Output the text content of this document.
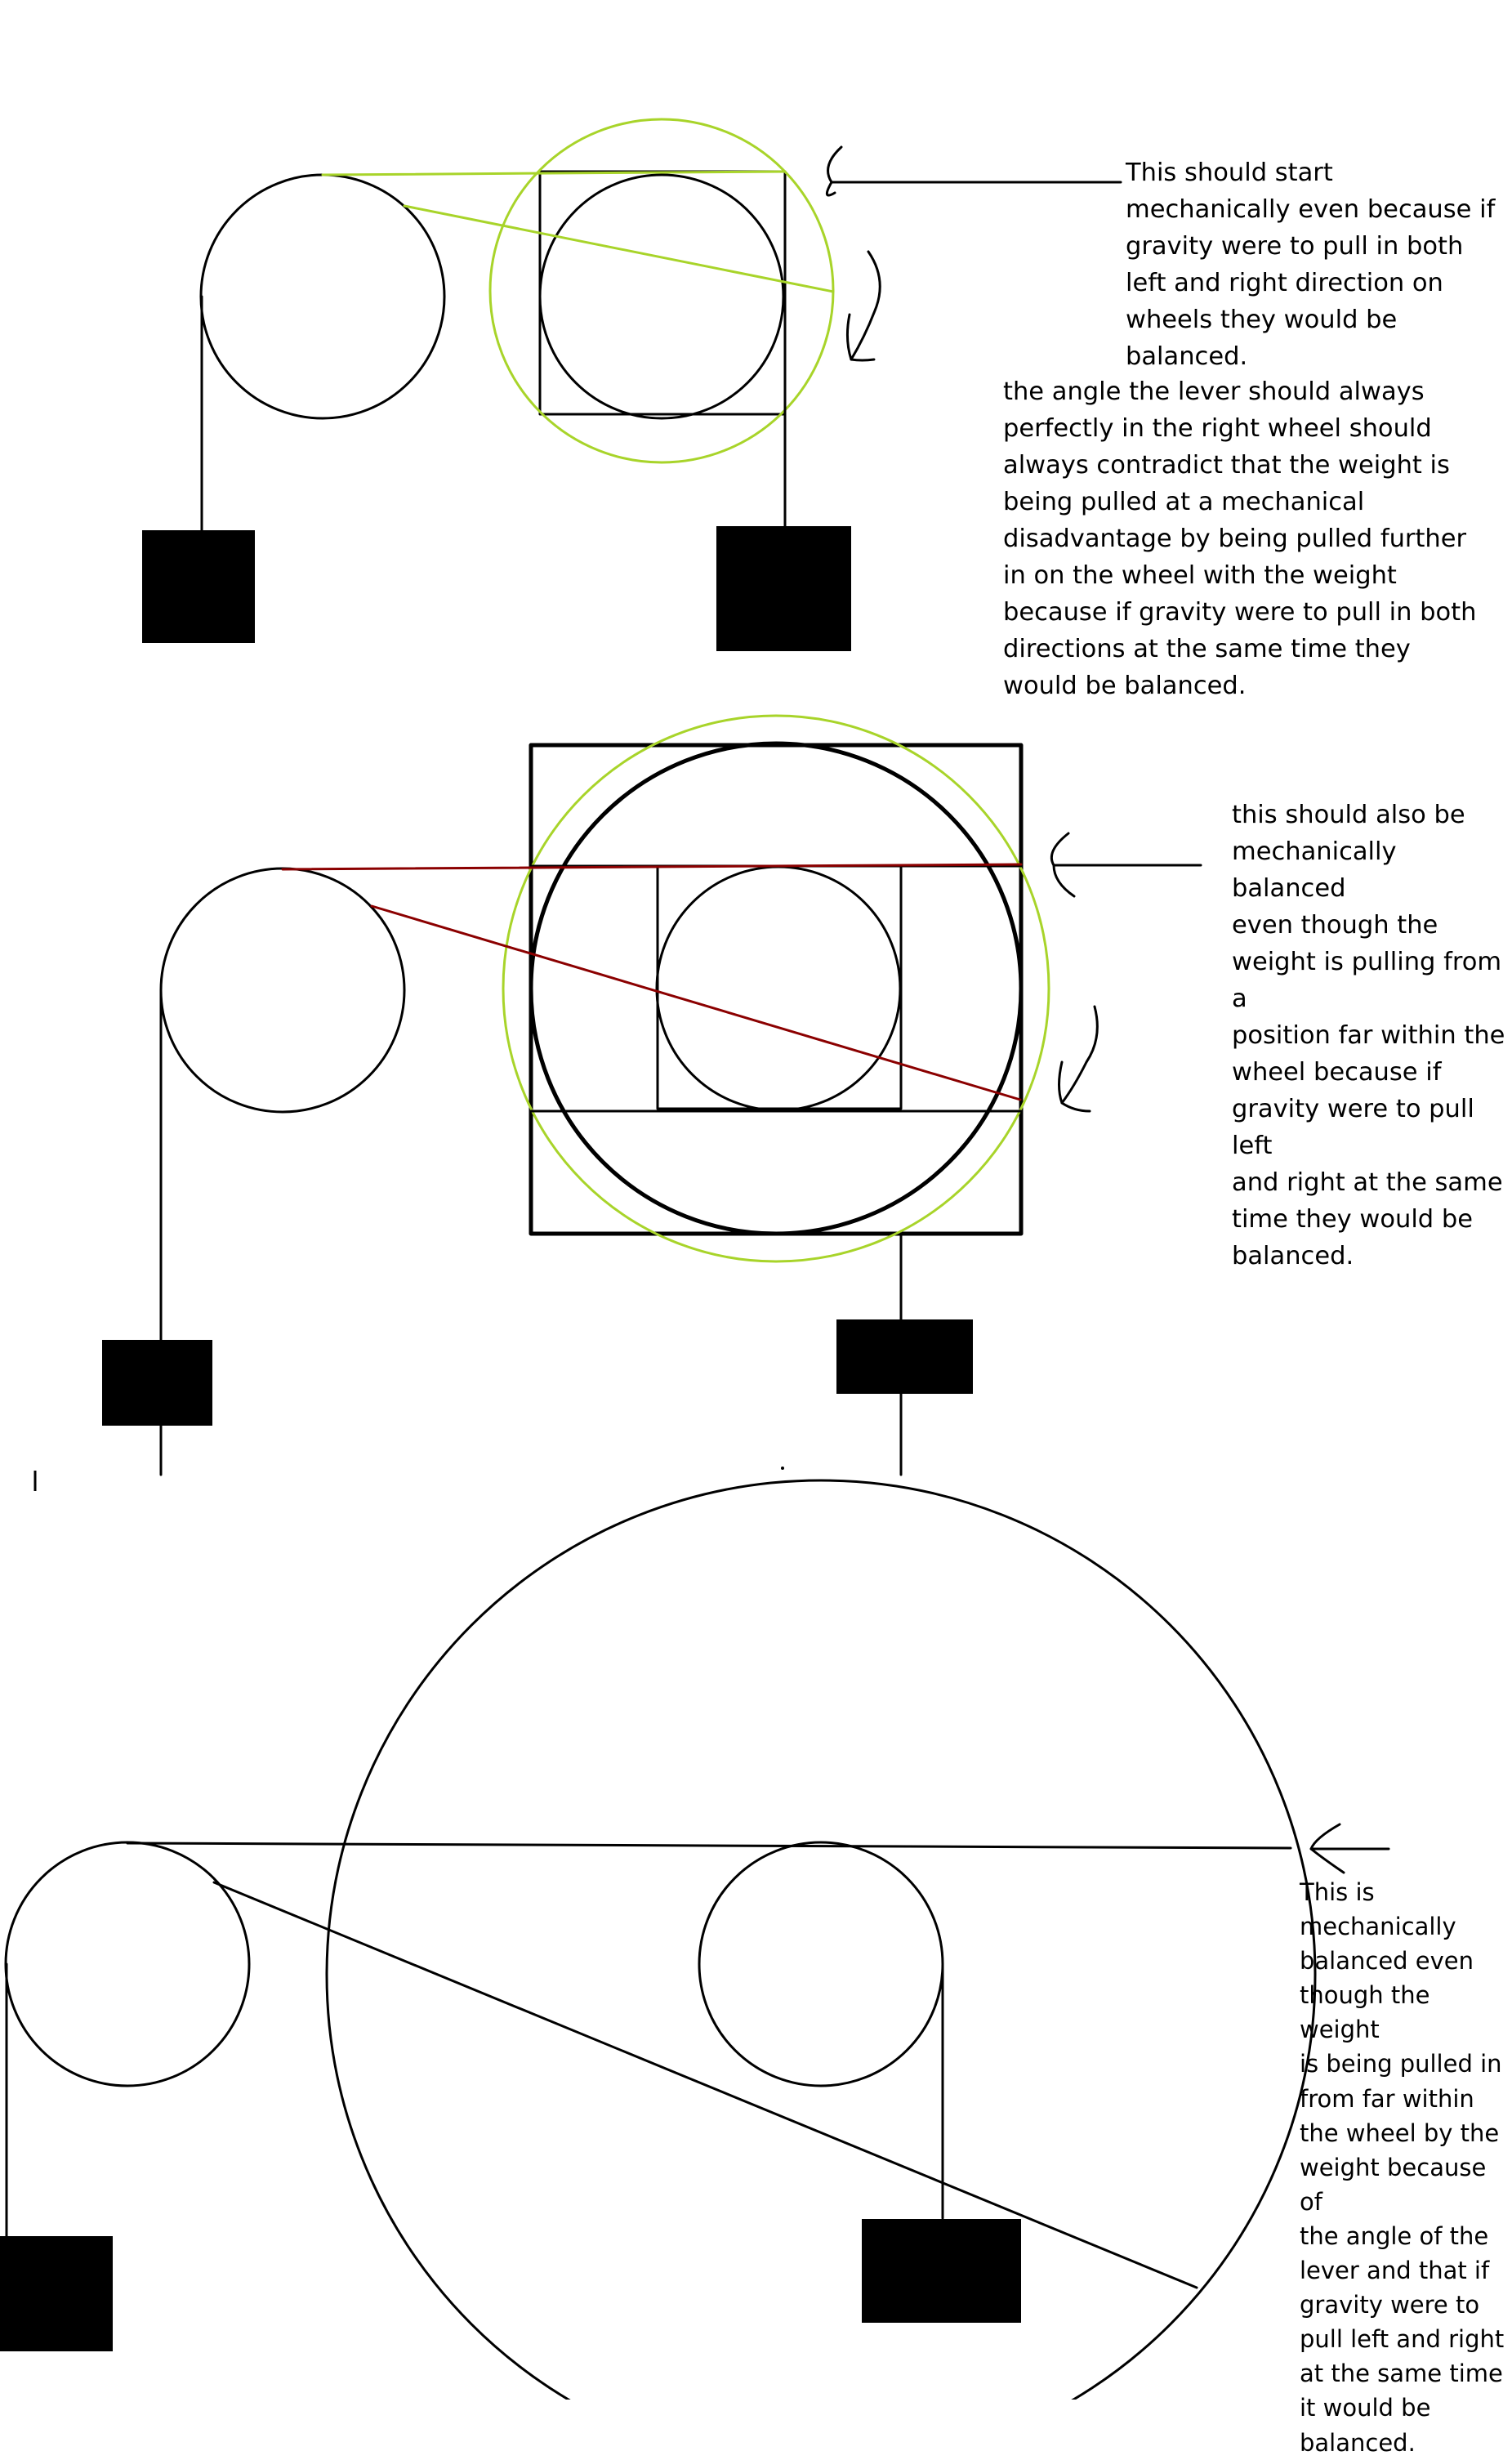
This should start
mechanically even because if
gravity were to pull in both
left and right direction on
wheels they would be
balanced.

the angle the lever should always
perfectly in the right wheel should
always contradict that the weight is
being pulled at a mechanical
disadvantage by being pulled further
in on the wheel with the weight
because if gravity were to pull in both
directions at the same time they
would be balanced.

this should also be
mechanically balanced
even though the
weight is pulling from a
position far within the
wheel because if
gravity were to pull left
and right at the same
time they would be
balanced.

This is
mechanically
balanced even
though the weight
is being pulled in
from far within
the wheel by the
weight because of
the angle of the
lever and that if
gravity were to
pull left and right
at the same time
it would be
balanced.
